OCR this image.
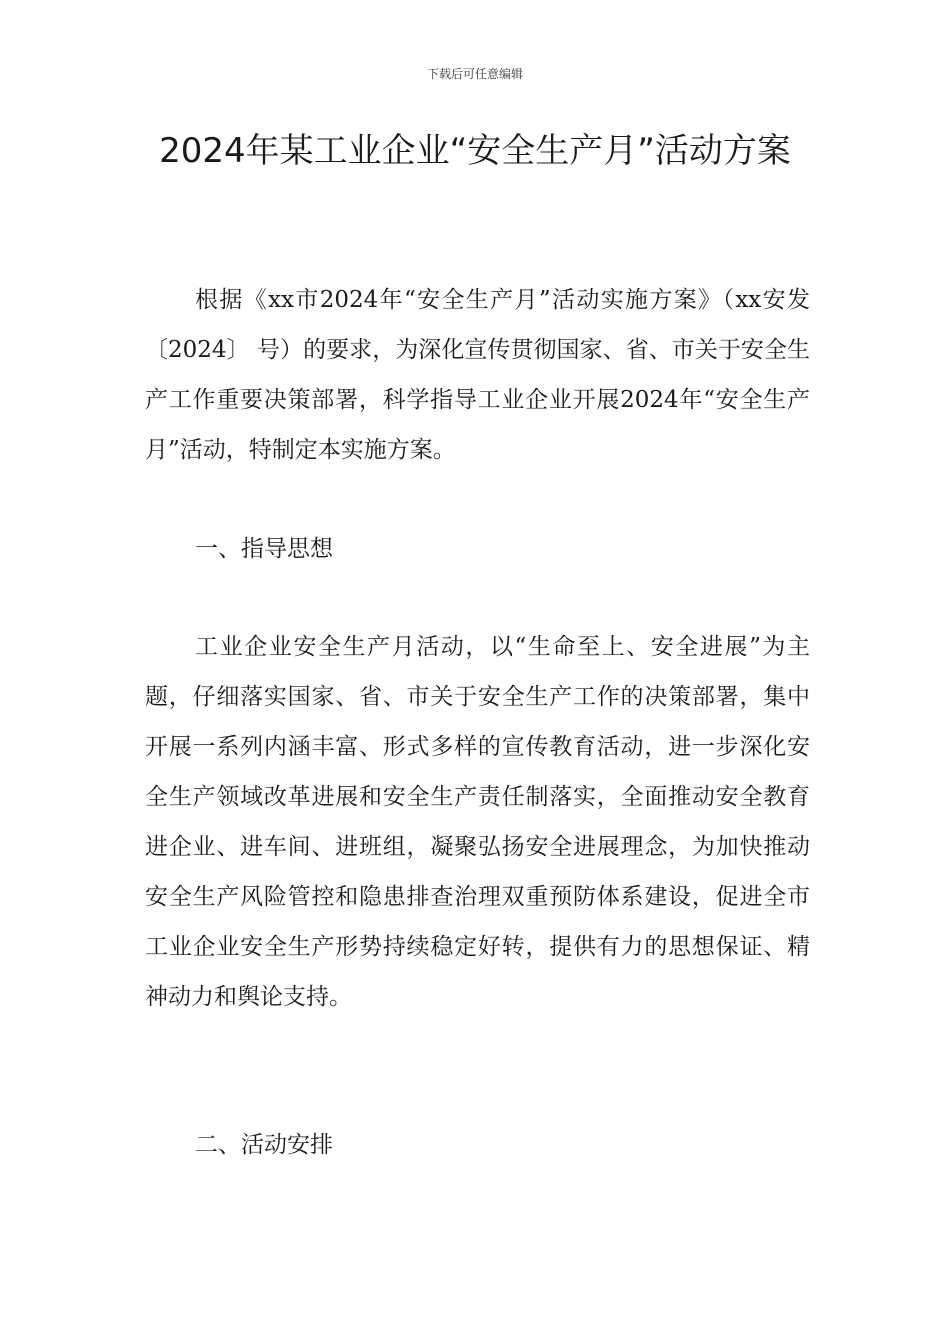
下载后可任意编辑
2024年某工业企业“安全生产月”活动方案

根据《xx市2024年“安全生产月”活动实施方案》（xx安发〔2024〕 号）的要求，为深化宣传贯彻国家、省、市关于安全生产工作重要决策部署，科学指导工业企业开展2024年“安全生产月”活动，特制定本实施方案。

一、指导思想

工业企业安全生产月活动，以“生命至上、安全进展”为主题，仔细落实国家、省、市关于安全生产工作的决策部署，集中开展一系列内涵丰富、形式多样的宣传教育活动，进一步深化安全生产领域改革进展和安全生产责任制落实，全面推动安全教育进企业、进车间、进班组，凝聚弘扬安全进展理念，为加快推动安全生产风险管控和隐患排查治理双重预防体系建设，促进全市工业企业安全生产形势持续稳定好转，提供有力的思想保证、精神动力和舆论支持。

二、活动安排
